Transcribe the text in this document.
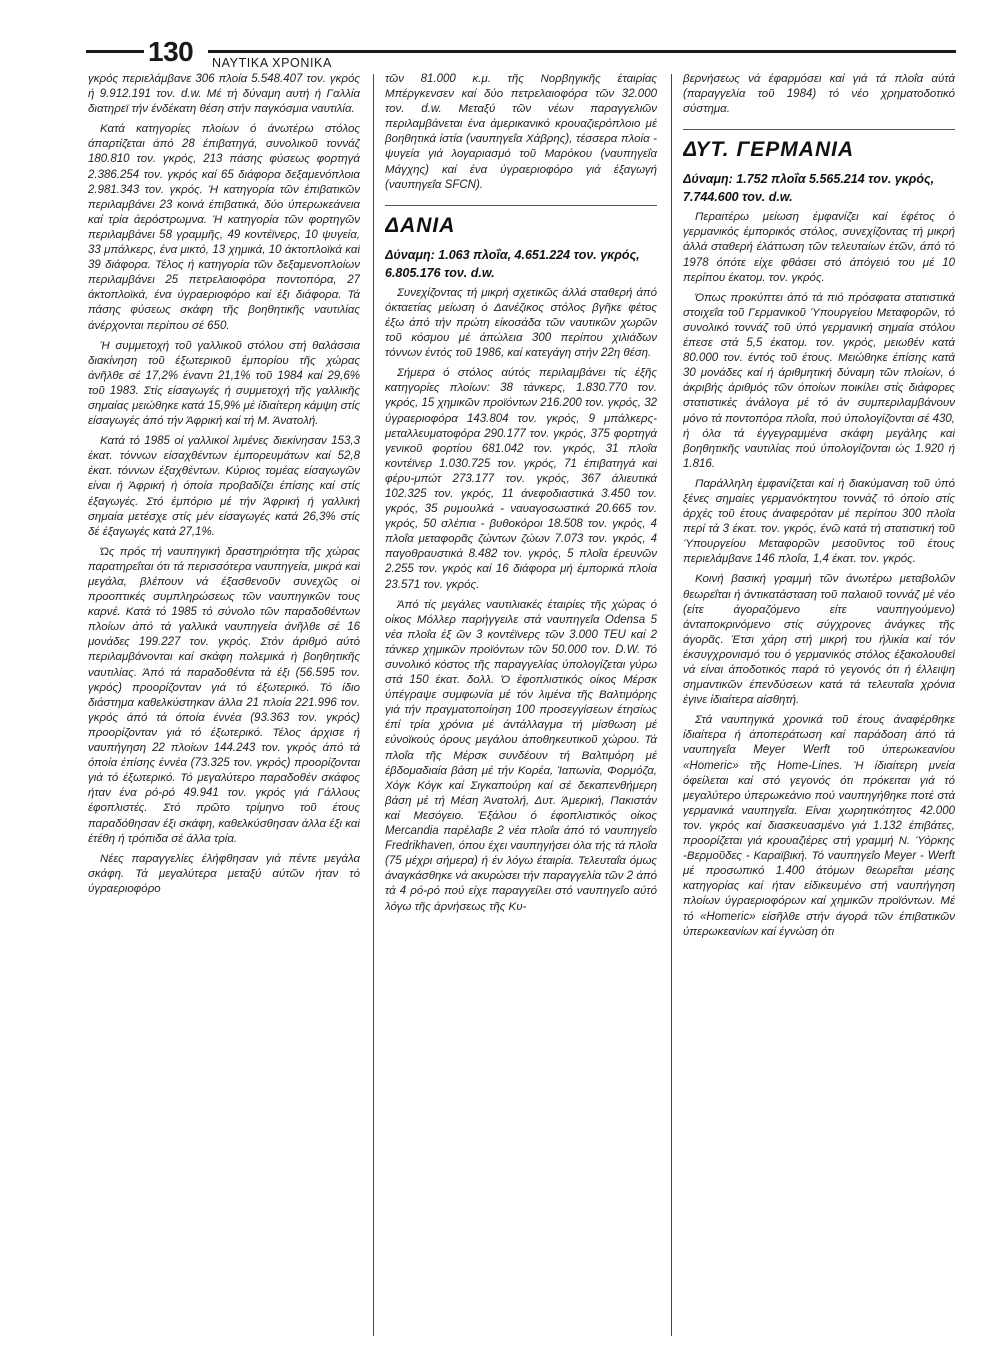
130 ΝΑΥΤΙΚΑ ΧΡΟΝΙΚΑ

γκρός περιελάμβανε 306 πλοία 5.548.407 τον. γκρός ή 9.912.191 τον. d.w. Μέ τή δύναμη αυτή ή Γαλλία διατηρεϊ τήν ένδέκατη θέση στήν παγκόσμια ναυτιλία.

Κατά κατηγορίες πλοίων ό άνωτέρω στόλος άπαρτίζεται άπό 28 έπιβατηγά, συνολικοῦ τοννάζ 180.810 τον. γκρός, 213 πάσης φύσεως φορτηγά 2.386.254 τον. γκρός καί 65 διάφορα δεξαμενόπλοια 2.981.343 τον. γκρός. Ή κατηγορία τῶν έπιβατικῶν περιλαμβάνει 23 κοινά έπιβατικά, δύο ύπερωκεάνεια καί τρία άερόστρωμνα. Ή κατηγορία τῶν φορτηγῶν περιλαμβάνει 58 γραμμῆς, 49 κοντέϊνερς, 10 ψυγεία, 33 μπάλκερς, ένα μικτό, 13 χημικά, 10 άκτοπλοϊκά καί 39 διάφορα. Τέλος ή κατηγορία τῶν δεξαμενοπλοίων περιλαμβάνει 25 πετρελαιοφόρα ποντοπόρα, 27 άκτοπλοϊκά, ένα ύγραεριοφόρο καί έξι διάφορα. Τά πάσης φύσεως σκάφη τῆς βοηθητικῆς ναυτιλίας άνέρχονται περίπου σέ 650.

Ή συμμετοχή τοῦ γαλλικοῦ στόλου στή θαλάσσια διακίνηση τοῦ έξωτερικοῦ έμπορίου τῆς χώρας άνῆλθε σέ 17,2% έναντι 21,1% τοῦ 1984 καί 29,6% τοῦ 1983. Στίς είσαγωγές ή συμμετοχή τῆς γαλλικῆς σημαίας μειώθηκε κατά 15,9% μέ ίδιαίτερη κάμψη στίς είσαγωγές άπό τήν Άφρική καί τή Μ. Άνατολή.

Κατά τό 1985 οί γαλλικοί λιμένες διεκίνησαν 153,3 έκατ. τόννων είσαχθέντων έμπορευμάτων καί 52,8 έκατ. τόννων έξαχθέντων. Κύριος τομέας είσαγωγῶν είναι ή Άφρική ή όποία προβαδίζει έπίσης καί στίς έξαγωγές. Στό έμπόριο μέ τήν Άφρική ή γαλλική σημαία μετέσχε στίς μέν είσαγωγές κατά 26,3% στίς δέ έξαγωγές κατά 27,1%.

Ώς πρός τή ναυπηγική δραστηριότητα τῆς χώρας παρατηρεΐται ότι τά περισσότερα ναυπηγεία, μικρά καί μεγάλα, βλέπουν νά έξασθενοῦν συνεχῶς οί προοπτικές συμπληρώσεως τῶν ναυπηγικῶν τους καρνέ. Κατά τό 1985 τό σύνολο τῶν παραδοθέντων πλοίων άπό τά γαλλικά ναυπηγεία άνῆλθε σέ 16 μονάδες 199.227 τον. γκρός. Στόν άριθμό αύτό περιλαμβάνονται καί σκάφη πολεμικά ή βοηθητικῆς ναυτιλίας. Άπό τά παραδοθέντα τά έξι (56.595 τον. γκρός) προορίζονταν γιά τό έξωτερικό. Τό ίδιο διάστημα καθελκύστηκαν άλλα 21 πλοία 221.996 τον. γκρός άπό τά όποία έννέα (93.363 τον. γκρός) προορίζονταν γιά τό έξωτερικό. Τέλος άρχισε ή ναυπήγηση 22 πλοίων 144.243 τον. γκρός άπό τά όποία έπίσης έννέα (73.325 τον. γκρός) προορίζονται γιά τό έξωτερικό. Τό μεγαλύτερο παραδοθέν σκάφος ήταν ένα ρό-ρό 49.941 τον. γκρός γιά Γάλλους έφοπλιστές. Στό πρῶτο τρίμηνο τοῦ έτους παραδόθησαν έξι σκάφη, καθελκύσθησαν άλλα έξι καί έτέθη ή τρόπιδα σέ άλλα τρία.

Νέες παραγγελίες έλήφθησαν γιά πέντε μεγάλα σκάφη. Τά μεγαλύτερα μεταξύ αύτῶν ήταν τό ύγραεριοφόρο

τῶν 81.000 κ.μ. τῆς Νορβηγικῆς έταιρίας Μπέργκενσεν καί δύο πετρελαιοφόρα τῶν 32.000 τον. d.w. Μεταξύ τῶν νέων παραγγελιῶν περιλαμβάνεται ένα άμερικανικό κρουαζιερόπλοιο μέ βοηθητικά ίστία (ναυπηγεΐα Χάβρης), τέσσερα πλοία - ψυγεία γιά λογαριασμό τοῦ Μαρόκου (ναυπηγεΐα Μάγχης) καί ένα ύγραεριοφόρο γιά έξαγωγή (ναυπηγεΐα SFCN).

ΔΑΝΙΑ
Δύναμη: 1.063 πλοΐα, 4.651.224 τον. γκρός, 6.805.176 τον. d.w.

Συνεχίζοντας τή μικρή σχετικῶς άλλά σταθερή άπό όκταετίας μείωση ό Δανέζικος στόλος βγῆκε φέτος έξω άπό τήν πρώτη είκοσάδα τῶν ναυτικῶν χωρῶν τοῦ κόσμου μέ άπώλεια 300 περίπου χιλιάδων τόννων έντός τοῦ 1986, καί κατεγάγη στήν 22η θέση.

Σήμερα ό στόλος αύτός περιλαμβάνει τίς έξῆς κατηγορίες πλοίων: 38 τάνκερς, 1.830.770 τον. γκρός, 15 χημικῶν προϊόντων 216.200 τον. γκρός, 32 ύγραεριοφόρα 143.804 τον. γκρός, 9 μπάλκερς-μεταλλευματοφόρα 290.177 τον. γκρός, 375 φορτηγά γενικοῦ φορτίου 681.042 τον. γκρός, 31 πλοΐα κοντέϊνερ 1.030.725 τον. γκρός, 71 έπιβατηγά καί φέρυ-μπώτ 273.177 τον. γκρός, 367 άλιευτικά 102.325 τον. γκρός, 11 άνεφοδιαστικά 3.450 τον. γκρός, 35 ρυμουλκά - ναυαγοσωστικά 20.665 τον. γκρός, 50 σλέπια - βυθοκόροι 18.508 τον. γκρός, 4 πλοΐα μεταφορᾶς ζώντων ζώων 7.073 τον. γκρός, 4 παγοθραυστικά 8.482 τον. γκρός, 5 πλοΐα έρευνῶν 2.255 τον. γκρός καί 16 διάφορα μή έμπορικά πλοία 23.571 τον. γκρός.

Άπό τίς μεγάλες ναυτιλιακές έταιρίες τῆς χώρας ό οίκος Μόλλερ παρήγγειλε στά ναυπηγεΐα Odensa 5 νέα πλοΐα έξ ῶν 3 κοντέϊνερς τῶν 3.000 TEU καί 2 τάνκερ χημικῶν προϊόντων τῶν 50.000 τον. D.W. Τό συνολικό κόστος τῆς παραγγελίας ύπολογίζεται γύρω στά 150 έκατ. δολλ. Ό έφοπλιστικός οίκος Μέρσκ ύπέγραψε συμφωνία μέ τόν λιμένα τῆς Βαλτιμόρης γιά τήν πραγματοποίηση 100 προσεγγίσεων έτησίως έπί τρία χρόνια μέ άντάλλαγμα τή μίσθωση μέ εύνοϊκούς όρους μεγάλου άποθηκευτικοῦ χώρου. Τά πλοΐα τῆς Μέρσκ συνδέουν τή Βαλτιμόρη μέ έβδομαδιαία βάση μέ τήν Κορέα, Ίαπωνία, Φορμόζα, Χόγκ Κόγκ καί Σιγκαπούρη καί σέ δεκαπενθήμερη βάση μέ τή Μέση Άνατολή, Δυτ. Άμερική, Πακιστάν καί Μεσόγειο. Έξάλου ό έφοπλιστικός οίκος Mercandia παρέλαβε 2 νέα πλοΐα άπό τό ναυπηγεΐο Fredrikhaven, όπου έχει ναυπηγήσει όλα τής τά πλοΐα (75 μέχρι σήμερα) ή έν λόγω έταιρία. Τελευταΐα όμως άναγκάσθηκε νά ακυρώσει τήν παραγγελία τῶν 2 άπό τά 4 ρό-ρό πού είχε παραγγείλει στό ναυπηγεΐο αύτό λόγω τῆς άρνήσεως τῆς Κυ-

βερνήσεως νά έφαρμόσει καί γιά τά πλοΐα αύτά (παραγγελία τοῦ 1984) τό νέο χρηματοδοτικό σύστημα.

ΔΥΤ. ΓΕΡΜΑΝΙΑ
Δύναμη: 1.752 πλοΐα 5.565.214 τον. γκρός, 7.744.600 τον. d.w.

Περαιτέρω μείωση έμφανίζει καί έφέτος ό γερμανικός έμπορικός στόλος, συνεχίζοντας τή μικρή άλλά σταθερή έλάττωση τῶν τελευταίων έτῶν, άπό τό 1978 όπότε είχε φθάσει στό άπόγειό του μέ 10 περίπου έκατομ. τον. γκρός.

Όπως προκύπτει άπό τά πιό πρόσφατα στατιστικά στοιχεΐα τοῦ Γερμανικοῦ Ύπουργείου Μεταφορῶν, τό συνολικό τοννάζ τοῦ ύπό γερμανική σημαία στόλου έπεσε στά 5,5 έκατομ. τον. γκρός, μειωθέν κατά 80.000 τον. έντός τοῦ έτους. Μειώθηκε έπίσης κατά 30 μονάδες καί ή άριθμητική δύναμη τῶν πλοίων, ό άκριβής άριθμός τῶν όποίων ποικίλει στίς διάφορες στατιστικές άνάλογα μέ τό άν συμπεριλαμβάνουν μόνο τά ποντοπόρα πλοΐα, πού ύπολογίζονται σέ 430, ή όλα τά έγγεγραμμένα σκάφη μεγάλης καί βοηθητικῆς ναυτιλίας πού ύπολογίζονται ώς 1.920 ή 1.816.

Παράλληλη έμφανίζεται καί ή διακύμανση τοῦ ύπό ξένες σημαίες γερμανόκτητου τοννάζ τό όποίο στίς άρχές τοῦ έτους άναφερόταν μέ περίπου 300 πλοΐα περί τά 3 έκατ. τον. γκρός, ένῶ κατά τή στατιστική τοῦ Ύπουργείου Μεταφορῶν μεσοῦντος τοῦ έτους περιελάμβανε 146 πλοΐα, 1,4 έκατ. τον. γκρός.

Κοινή βασική γραμμή τῶν άνωτέρω μεταβολῶν θεωρεΐται ή άντικατάσταση τοῦ παλαιοῦ τοννάζ μέ νέο (είτε άγοραζόμενο είτε ναυπηγούμενο) άνταποκρινόμενο στίς σύγχρονες άνάγκες τῆς άγορᾶς. Έτσι χάρη στή μικρή του ήλικία καί τόν έκσυγχρονισμό του ό γερμανικός στόλος έξακολουθεΐ νά είναι άποδοτικός παρά τό γεγονός ότι ή έλλειψη σημαντικῶν έπενδύσεων κατά τά τελευταΐα χρόνια έγινε ίδιαίτερα αίσθητή.

Στά ναυπηγικά χρονικά τοῦ έτους άναφέρθηκε ίδιαίτερα ή άποπεράτωση καί παράδοση άπό τά ναυπηγεΐα Meyer Werft τοῦ ύπερωκεανίου «Homeric» τῆς Home-Lines. Ή ίδιαίτερη μνεία όφείλεται καί στό γεγονός ότι πρόκειται γιά τό μεγαλύτερο ύπερωκεάνιο πού ναυπηγήθηκε ποτέ στά γερμανικά ναυπηγεΐα. Είναι χωρητικότητος 42.000 τον. γκρός καί διασκευασμένο γιά 1.132 έπιβάτες, προορίζεται γιά κρουαζιέρες στή γραμμή Ν. Ύόρκης -Βερμοῦδες - Καραϊβική. Τό ναυπηγεΐο Meyer - Werft μέ προσωπικό 1.400 άτόμων θεωρεΐται μέσης κατηγορίας καί ήταν είδικευμένο στή ναυπήγηση πλοίων ύγραεριοφόρων καί χημικῶν προϊόντων. Μέ τό «Homeric» είσῆλθε στήν άγορά τῶν έπιβατικῶν ύπερωκεανίων καί έγνώση ότι
